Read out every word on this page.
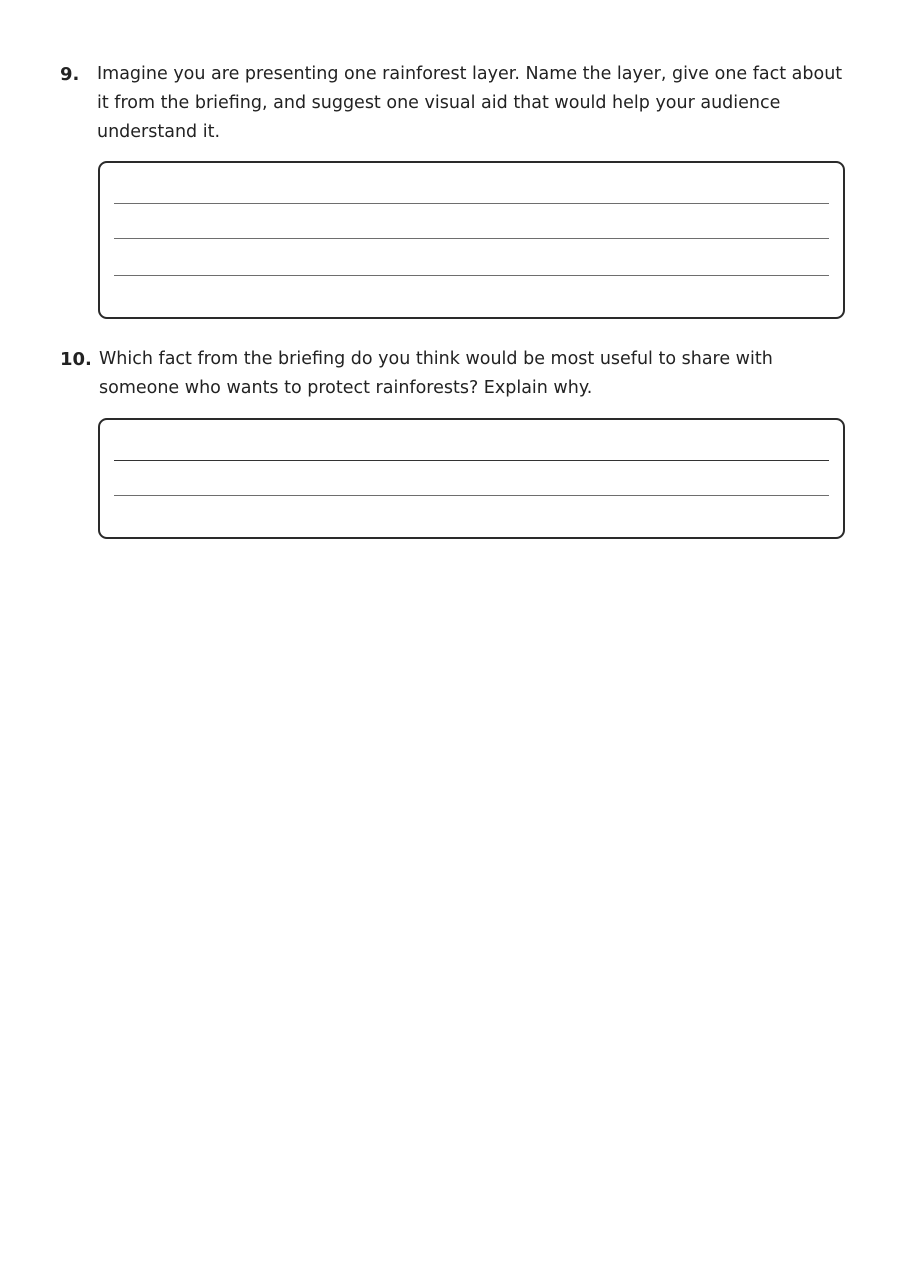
9.	Imagine you are presenting one rainforest layer. Name the layer, give one fact about it from the briefing, and suggest one visual aid that would help your audience understand it.
10. Which fact from the briefing do you think would be most useful to share with someone who wants to protect rainforests? Explain why.
